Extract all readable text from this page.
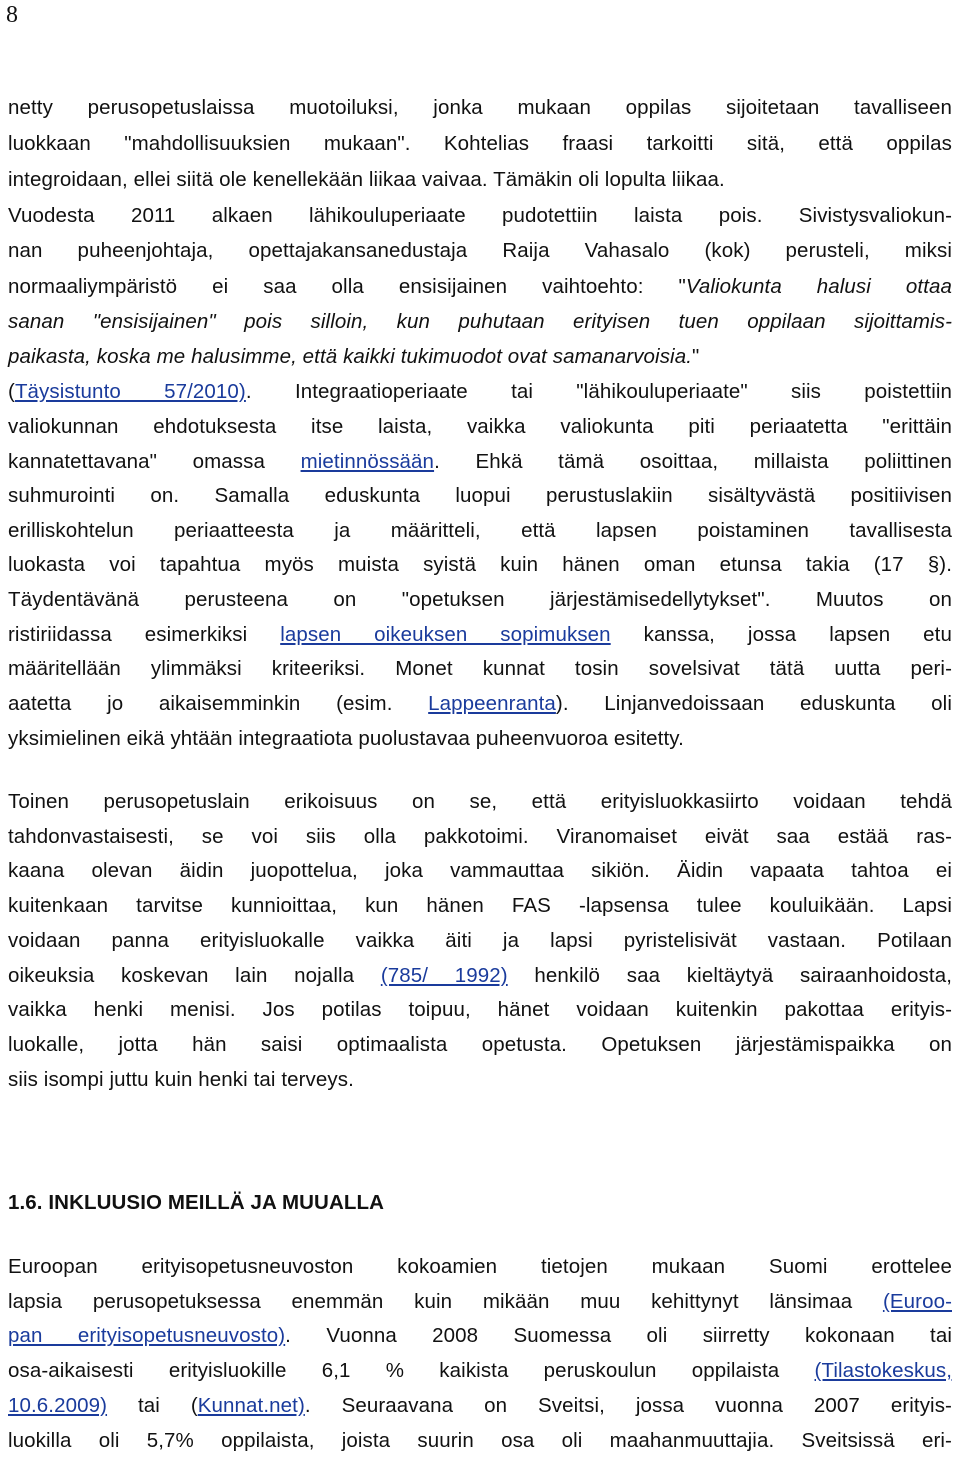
8
netty perusopetuslaissa muotoiluksi, jonka mukaan oppilas sijoitetaan tavalliseen
luokkaan "mahdollisuuksien mukaan". Kohtelias fraasi tarkoitti sitä, että oppilas
integroidaan, ellei siitä ole kenellekään liikaa vaivaa. Tämäkin oli lopulta liikaa.
Vuodesta 2011 alkaen lähikouluperiaate pudotettiin laista pois. Sivistysvaliokun-
nan puheenjohtaja, opettajakansanedustaja Raija Vahasalo (kok) perusteli, miksi
normaaliympäristö ei saa olla ensisijainen vaihtoehto: "Valiokunta halusi ottaa
sanan "ensisijainen" pois silloin, kun puhutaan erityisen tuen oppilaan sijoittamis-
paikasta, koska me halusimme, että kaikki tukimuodot ovat samanarvoisia."
(Täysistunto 57/2010). Integraatioperiaate tai "lähikouluperiaate" siis poistettiin
valiokunnan ehdotuksesta itse laista, vaikka valiokunta piti periaatetta "erittäin
kannatettavana" omassa mietinnössään. Ehkä tämä osoittaa, millaista poliittinen
suhmurointi on. Samalla eduskunta luopui perustuslakiin sisältyvästä positiivisen
erilliskohtelun periaatteesta ja määritteli, että lapsen poistaminen tavallisesta
luokasta voi tapahtua myös muista syistä kuin hänen oman etunsa takia (17 §).
Täydentävänä perusteena on "opetuksen järjestämisedellytykset". Muutos on
ristiriidassa esimerkiksi lapsen oikeuksen sopimuksen kanssa, jossa lapsen etu
määritellään ylimmäksi kriteeriksi. Monet kunnat tosin sovelsivat tätä uutta peri-
aatetta jo aikaisemminkin (esim. Lappeenranta). Linjanvedoissaan eduskunta oli
yksimielinen eikä yhtään integraatiota puolustavaa puheenvuoroa esitetty.
Toinen perusopetuslain erikoisuus on se, että erityisluokkasiirto voidaan tehdä
tahdonvastaisesti, se voi siis olla pakkotoimi. Viranomaiset eivät saa estää ras-
kaana olevan äidin juopottelua, joka vammauttaa sikiön. Äidin vapaata tahtoa ei
kuitenkaan tarvitse kunnioittaa, kun hänen FAS -lapsensa tulee kouluikään. Lapsi
voidaan panna erityisluokalle vaikka äiti ja lapsi pyristelisivät vastaan. Potilaan
oikeuksia koskevan lain nojalla (785/ 1992) henkilö saa kieltäytyä sairaanhoidosta,
vaikka henki menisi. Jos potilas toipuu, hänet voidaan kuitenkin pakottaa erityis-
luokalle, jotta hän saisi optimaalista opetusta. Opetuksen järjestämispaikka on
siis isompi juttu kuin henki tai terveys.
1.6. INKLUUSIO MEILLÄ JA MUUALLA
Euroopan erityisopetusneuvoston kokoamien tietojen mukaan Suomi erottelee
lapsia perusopetuksessa enemmän kuin mikään muu kehittynyt länsimaa (Euroo-
pan erityisopetusneuvosto). Vuonna 2008 Suomessa oli siirretty kokonaan tai
osa-aikaisesti erityisluokille 6,1 % kaikista peruskoulun oppilaista (Tilastokeskus,
10.6.2009) tai (Kunnat.net). Seuraavana on Sveitsi, jossa vuonna 2007 erityis-
luokilla oli 5,7% oppilaista, joista suurin osa oli maahanmuuttajia. Sveitsissä eri-
